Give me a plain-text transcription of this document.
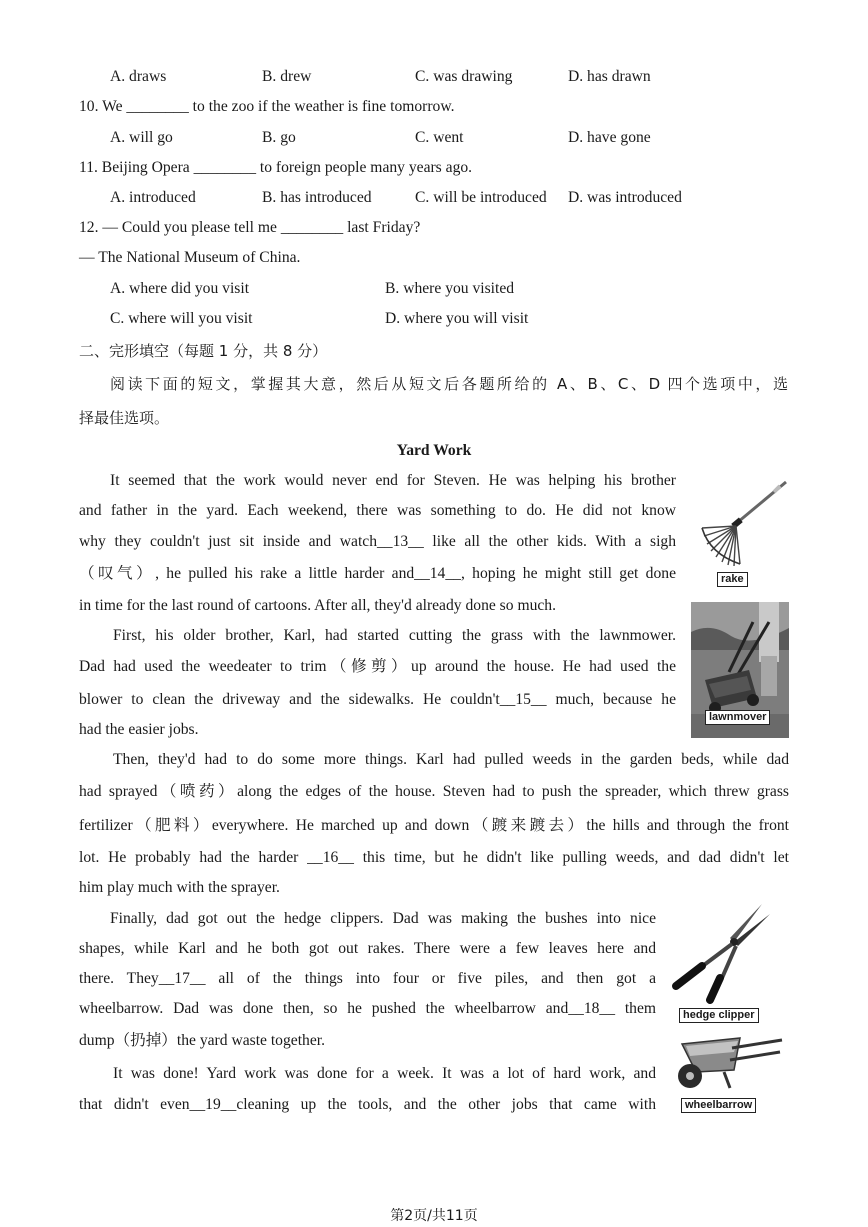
A. draws	B. drew	C. was drawing	D. has drawn
10. We ________ to the zoo if the weather is fine tomorrow.
A. will go	B. go	C. went	D. have gone
11. Beijing Opera ________ to foreign people many years ago.
A. introduced	B. has introduced	C. will be introduced D. was introduced
12. — Could you please tell me ________ last Friday?
— The National Museum of China.
A. where did you visit	B. where you visited
C. where will you visit	D. where you will visit
二、完形填空（每题 1 分，共 8 分）
阅读下面的短文，掌握其大意，然后从短文后各题所给的 A、B、C、D 四个选项中，选
择最佳选项。
Yard Work
It seemed that the work would never end for Steven. He was helping his brother
and father in the yard. Each weekend, there was something to do. He did not know
why they couldn't just sit inside and watch__13__ like all the other kids. With a sigh
（叹气）, he pulled his rake a little harder and__14__, hoping he might still get done
in time for the last round of cartoons. After all, they'd already done so much.
First, his older brother, Karl, had started cutting the grass with the lawnmower.
Dad had used the weedeater to trim（修剪）up around the house. He had used the
blower to clean the driveway and the sidewalks. He couldn't__15__ much, because he
had the easier jobs.
Then, they'd had to do some more things. Karl had pulled weeds in the garden beds, while dad
had sprayed（喷药）along the edges of the house. Steven had to push the spreader, which threw grass
fertilizer（肥料）everywhere. He marched up and down（踱来踱去）the hills and through the front
lot. He probably had the harder __16__ this time, but he didn't like pulling weeds, and dad didn't let
him play much with the sprayer.
Finally, dad got out the hedge clippers. Dad was making the bushes into nice
shapes, while Karl and he both got out rakes. There were a few leaves here and
there. They__17__ all of the things into four or five piles, and then got a
wheelbarrow. Dad was done then, so he pushed the wheelbarrow and__18__ them
dump（扔掉）the yard waste together.
It was done! Yard work was done for a week. It was a lot of hard work, and
that didn't even__19__cleaning up the tools, and the other jobs that came with
rake
lawnmover
hedge clipper
wheelbarrow
第2页/共11页
